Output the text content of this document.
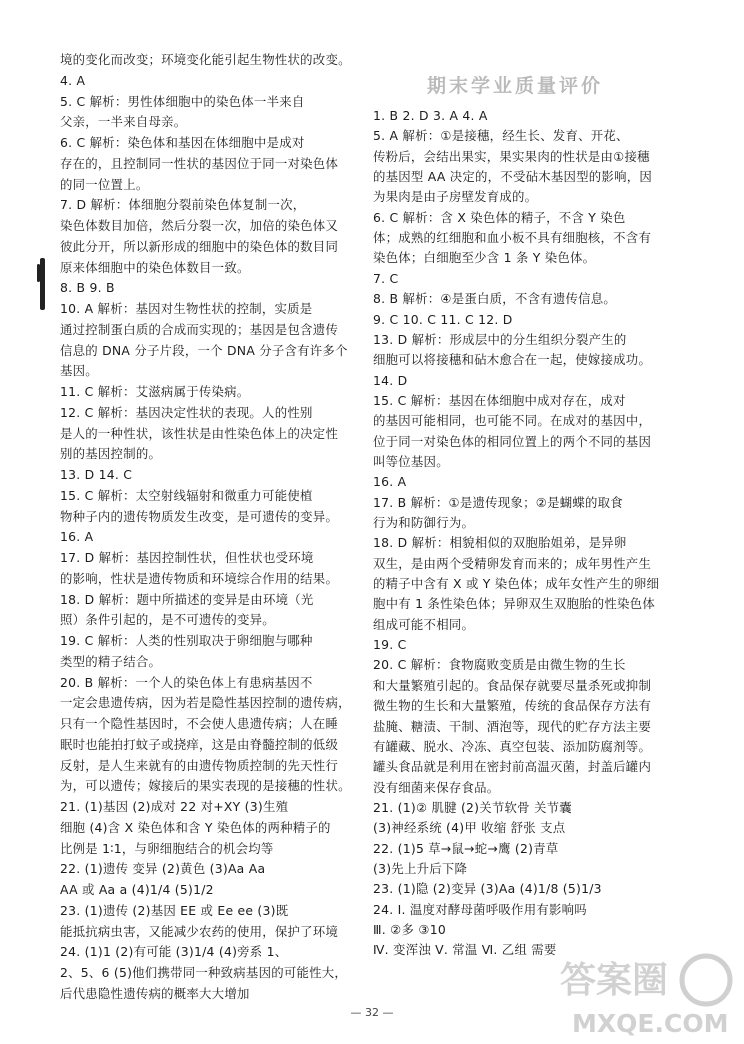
期末学业质量评价

境的变化而改变；环境变化能引起生物性状的改变。

4. A

5. C 解析：男性体细胞中的染色体一半来自

父亲，一半来自母亲。

6. C 解析：染色体和基因在体细胞中是成对

存在的，且控制同一性状的基因位于同一对染色体

的同一位置上。

7. D 解析：体细胞分裂前染色体复制一次，

染色体数目加倍，然后分裂一次，加倍的染色体又

彼此分开，所以新形成的细胞中的染色体的数目同

原来体细胞中的染色体数目一致。

8. B 9. B

10. A 解析：基因对生物性状的控制，实质是

通过控制蛋白质的合成而实现的；基因是包含遗传

信息的 DNA 分子片段，一个 DNA 分子含有许多个

基因。

11. C 解析：艾滋病属于传染病。

12. C 解析：基因决定性状的表现。人的性别

是人的一种性状，该性状是由性染色体上的决定性

别的基因控制的。

13. D 14. C

15. C 解析：太空射线辐射和微重力可能使植

物种子内的遗传物质发生改变，是可遗传的变异。

16. A

17. D 解析：基因控制性状，但性状也受环境

的影响，性状是遗传物质和环境综合作用的结果。

18. D 解析：题中所描述的变异是由环境（光

照）条件引起的，是不可遗传的变异。

19. C 解析：人类的性别取决于卵细胞与哪种

类型的精子结合。

20. B 解析：一个人的染色体上有患病基因不

一定会患遗传病，因为若是隐性基因控制的遗传病，

只有一个隐性基因时，不会使人患遗传病；人在睡

眠时也能拍打蚊子或挠痒，这是由脊髓控制的低级

反射，是人生来就有的由遗传物质控制的先天性行

为，可以遗传；嫁接后的果实表现的是接穗的性状。

21. (1)基因 (2)成对 22 对+XY (3)生殖

细胞 (4)含 X 染色体和含 Y 染色体的两种精子的

比例是 1∶1，与卵细胞结合的机会均等

22. (1)遗传 变异 (2)黄色 (3)Aa Aa

AA 或 Aa a (4)1/4 (5)1/2

23. (1)遗传 (2)基因 EE 或 Ee ee (3)既

能抵抗病虫害，又能减少农药的使用，保护了环境

24. (1)1 (2)有可能 (3)1/4 (4)旁系 1、

2、5、6 (5)他们携带同一种致病基因的可能性大，

后代患隐性遗传病的概率大大增加

1. B 2. D 3. A 4. A

5. A 解析：①是接穗，经生长、发育、开花、

传粉后，会结出果实，果实果肉的性状是由①接穗

的基因型 AA 决定的，不受砧木基因型的影响，因

为果肉是由子房壁发育成的。

6. C 解析：含 X 染色体的精子，不含 Y 染色

体；成熟的红细胞和血小板不具有细胞核，不含有

染色体；白细胞至少含 1 条 Y 染色体。

7. C

8. B 解析：④是蛋白质，不含有遗传信息。

9. C 10. C 11. C 12. D

13. D 解析：形成层中的分生组织分裂产生的

细胞可以将接穗和砧木愈合在一起，使嫁接成功。

14. D

15. C 解析：基因在体细胞中成对存在，成对

的基因可能相同，也可能不同。在成对的基因中，

位于同一对染色体的相同位置上的两个不同的基因

叫等位基因。

16. A

17. B 解析：①是遗传现象；②是蝴蝶的取食

行为和防御行为。

18. D 解析：相貌相似的双胞胎姐弟，是异卵

双生，是由两个受精卵发育而来的；成年男性产生

的精子中含有 X 或 Y 染色体；成年女性产生的卵细

胞中有 1 条性染色体；异卵双生双胞胎的性染色体

组成可能不相同。

19. C

20. C 解析：食物腐败变质是由微生物的生长

和大量繁殖引起的。食品保存就要尽量杀死或抑制

微生物的生长和大量繁殖，传统的食品保存方法有

盐腌、糖渍、干制、酒泡等，现代的贮存方法主要

有罐藏、脱水、冷冻、真空包装、添加防腐剂等。

罐头食品就是利用在密封前高温灭菌，封盖后罐内

没有细菌来保存食品。

21. (1)② 肌腱 (2)关节软骨 关节囊

(3)神经系统 (4)甲 收缩 舒张 支点

22. (1)5 草→鼠→蛇→鹰 (2)青草

(3)先上升后下降

23. (1)隐 (2)变异 (3)Aa (4)1/8 (5)1/3

24. Ⅰ. 温度对酵母菌呼吸作用有影响吗

Ⅲ. ②多 ③10

Ⅳ. 变浑浊 Ⅴ. 常温 Ⅵ. 乙组 需要

— 32 —
答案圈
MXQE.COM
